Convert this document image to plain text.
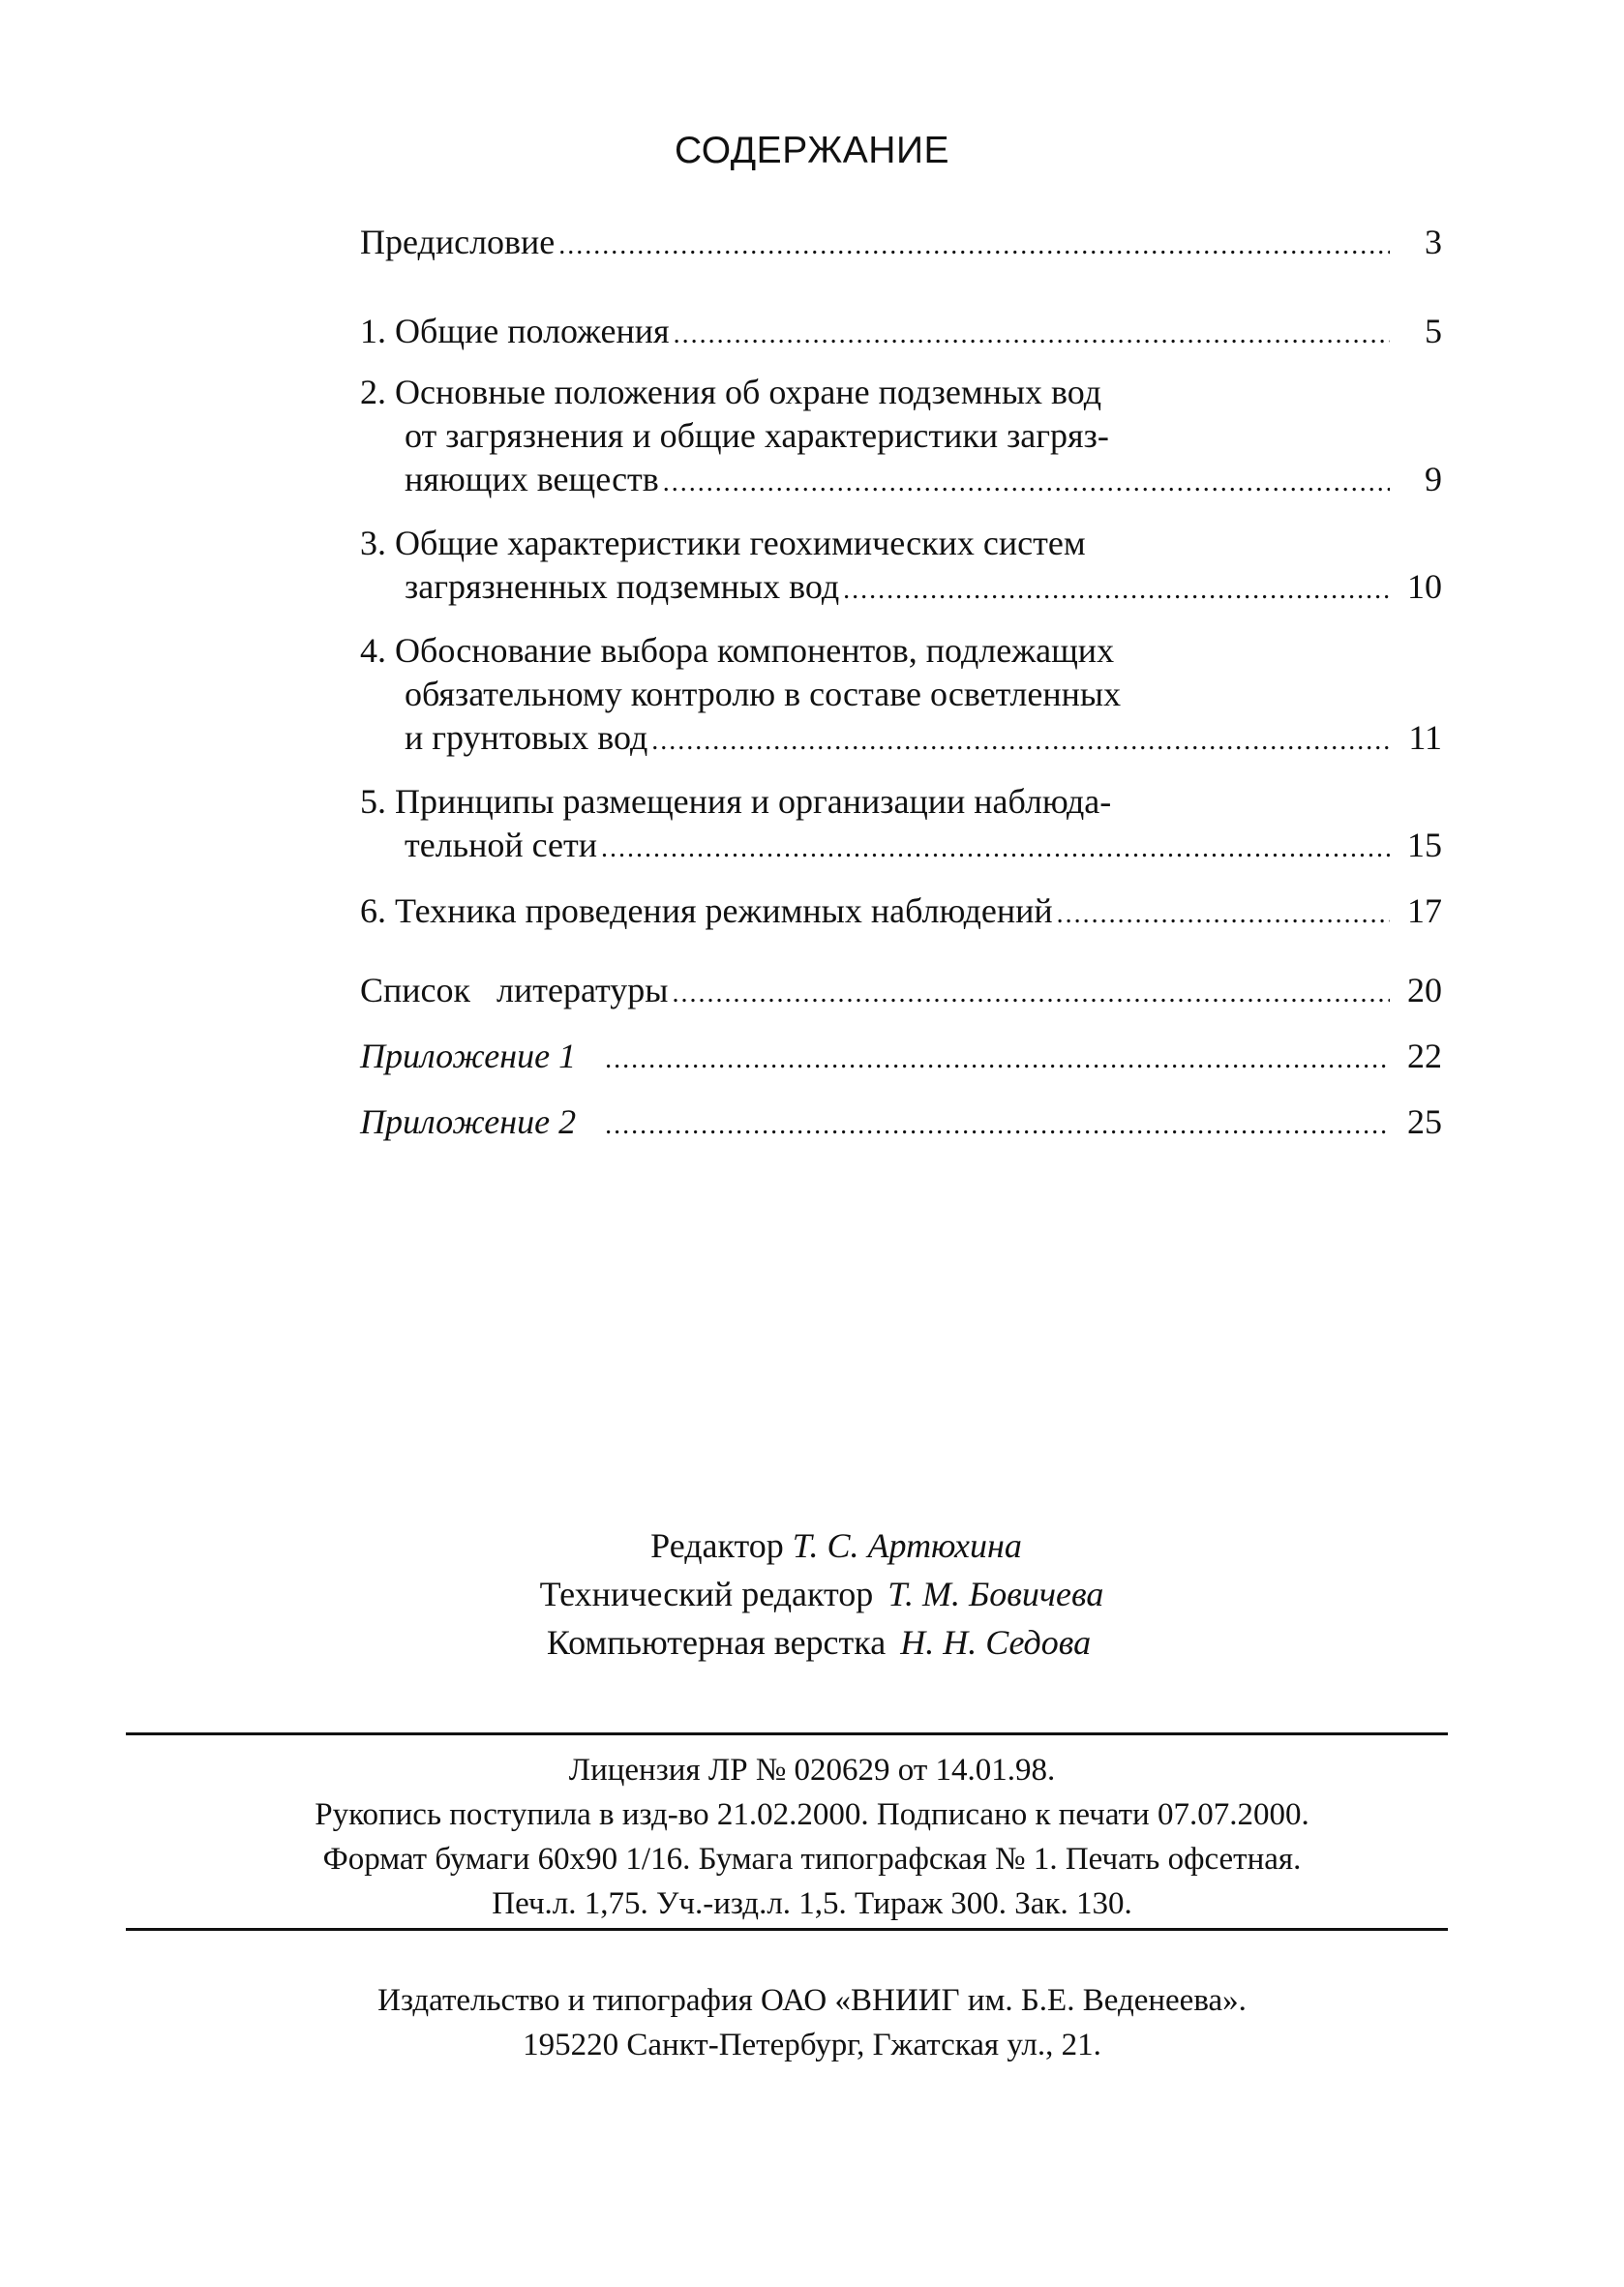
СОДЕРЖАНИЕ
Предисловие .....	3
1. Общие положения .....	5
2. Основные положения об охране подземных вод
от загрязнения и общие характеристики загряз-
няющих веществ .....	9
3. Общие характеристики геохимических систем
загрязненных подземных вод .....	10
4. Обоснование выбора компонентов, подлежащих
обязательному контролю в составе осветленных
и грунтовых вод .....	11
5. Принципы размещения и организации наблюда-
тельной сети .....	15
6. Техника проведения режимных наблюдений .....	17
Список   литературы .....	20
Приложение 1 .....	22
Приложение 2 .....	25
Редактор Т. С. Артюхина
Технический редактор Т. М. Бовичева
Компьютерная верстка Н. Н. Седова
Лицензия ЛР № 020629 от 14.01.98.
Рукопись поступила в изд-во 21.02.2000. Подписано к печати 07.07.2000.
Формат бумаги 60х90 1/16. Бумага типографская № 1. Печать офсетная.
Печ.л. 1,75. Уч.-изд.л. 1,5. Тираж 300. Зак. 130.
Издательство и типография ОАО «ВНИИГ им. Б.Е. Веденеева».
195220 Санкт-Петербург, Гжатская ул., 21.
